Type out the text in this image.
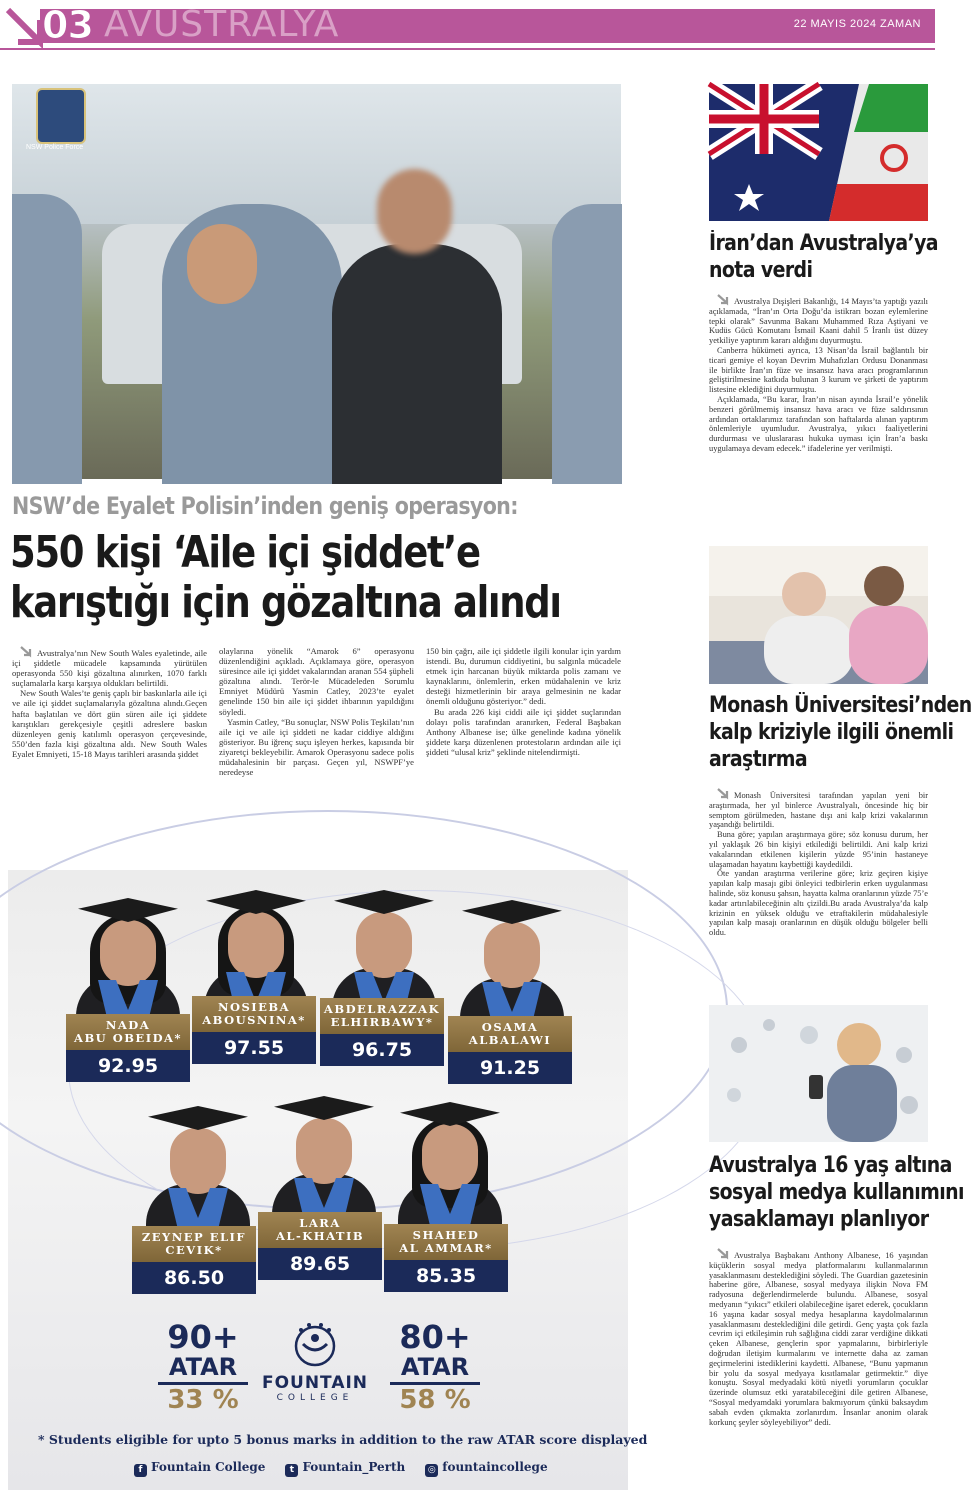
03 AVUSTRALYA	22 MAYIS 2024 ZAMAN
NSW Police Force
NSW’de Eyalet Polisin’inden geniş operasyon:
550 kişi ‘Aile içi şiddet’e
karıştığı için gözaltına alındı

Avustralya’nın New South Wales eyaletinde, aile içi şiddetle mücadele kapsamında yürütülen operasyonda 550 kişi gözaltına alınırken, 1070 farklı suçlamalarla karşı karşıya oldukları belirtildi.

New South Wales’te geniş çaplı bir baskınlarla aile içi ve aile içi şiddet suçlamalarıyla gözaltına alındı.Geçen hafta başlatılan ve dört gün süren aile içi şiddete karıştıkları gerekçesiyle çeşitli adreslere baskın düzenleyen geniş katılımlı operasyon çerçevesinde, 550’den fazla kişi gözaltına aldı. New South Wales Eyalet Emniyeti, 15-18 Mayıs tarihleri arasında şiddet

olaylarına yönelik “Amarok 6” operasyonu düzenlendiğini açıkladı. Açıklamaya göre, operasyon süresince aile içi şiddet vakalarından aranan 554 şüpheli gözaltına alındı. Terör-le Mücadeleden Sorumlu Emniyet Müdürü Yasmin Catley, 2023’te eyalet genelinde 150 bin aile içi şiddet ihbarının yapıldığını söyledi.

Yasmin Catley, “Bu sonuçlar, NSW Polis Teşkilatı’nın aile içi ve aile içi şiddeti ne kadar ciddiye aldığını gösteriyor. Bu iğrenç suçu işleyen herkes, kapısında bir ziyaretçi bekleyebilir. Amarok Operasyonu sadece polis müdahalesinin bir parçası. Geçen yıl, NSWPF’ye neredeyse

150 bin çağrı, aile içi şiddetle ilgili konular için yardım istendi. Bu, durumun ciddiyetini, bu salgınla mücadele etmek için harcanan büyük miktarda polis zamanı ve kaynaklarını, önlemlerin, erken müdahalenin ve kriz desteği hizmetlerinin bir araya gelmesinin ne kadar önemli olduğunu gösteriyor.” dedi.

Bu arada 226 kişi ciddi aile içi şiddet suçlarından dolayı polis tarafından aranırken, Federal Başbakan Anthony Albanese ise; ülke genelinde kadına yönelik şiddete karşı düzenlenen protestoların ardından aile içi şiddeti “ulusal kriz” şeklinde nitelendirmişti.

NADA
ABU OBEIDA*
92.95
NOSIEBA
ABOUSNINA*
97.55
ABDELRAZZAK
ELHIRBAWY*
96.75
OSAMA
ALBALAWI
91.25
ZEYNEP ELIF
CEVIK*
86.50
LARA
AL-KHATIB
89.65
SHAHED
AL AMMAR*
85.35
90+
ATAR
33 %
80+
ATAR
58 %
FOUNTAIN
COLLEGE
* Students eligible for upto 5 bonus marks in addition to the raw ATAR score displayed
f Fountain College	t Fountain_Perth	◎ fountaincollege
İran’dan Avustralya’ya
nota verdi

Avustralya Dışişleri Bakanlığı, 14 Mayıs’ta yaptığı yazılı açıklamada, “İran’ın Orta Doğu’da istikrarı bozan eylemlerine tepki olarak” Savunma Bakanı Muhammed Rıza Aştiyani ve Kudüs Gücü Komutanı İsmail Kaani dahil 5 İranlı üst düzey yetkiliye yaptırım kararı aldığını duyurmuştu.

Canberra hükümeti ayrıca, 13 Nisan’da İsrail bağlantılı bir ticari gemiye el koyan Devrim Muhafızları Ordusu Donanması ile birlikte İran’ın füze ve insansız hava aracı programlarının geliştirilmesine katkıda bulunan 3 kurum ve şirketi de yaptırım listesine eklediğini duyurmuştu.

Açıklamada, “Bu karar, İran’ın nisan ayında İsrail’e yönelik benzeri görülmemiş insansız hava aracı ve füze saldırısının ardından ortaklarımız tarafından son haftalarda alınan yaptırım önlemleriyle uyumludur. Avustralya, yıkıcı faaliyetlerini durdurması ve uluslararası hukuka uyması için İran’a baskı uygulamaya devam edecek.” ifadelerine yer verilmişti.

Monash Üniversitesi’nden
kalp kriziyle ilgili önemli
araştırma

Monash Üniversitesi tarafından yapılan yeni bir araştırmada, her yıl binlerce Avustralyalı, öncesinde hiç bir semptom görülmeden, hastane dışı ani kalp krizi vakalarının yaşandığı belirtildi.

Buna göre; yapılan araştırmaya göre; söz konusu durum, her yıl yaklaşık 26 bin kişiyi etkilediği belirtildi. Ani kalp krizi vakalarından etkilenen kişilerin yüzde 95’inin hastaneye ulaşamadan hayatını kaybettiği kaydedildi.

Öte yandan araştırma verilerine göre; kriz geçiren kişiye yapılan kalp masajı gibi önleyici tedbirlerin erken uygulanması halinde, söz konusu şahsın, hayatta kalma oranlarının yüzde 75’e kadar artırılabileceğinin altı çizildi.Bu arada Avustralya’da kalp krizinin en yüksek olduğu ve etraftakilerin müdahalesiyle yapılan kalp masajı oranlarının en düşük olduğu bölgeler belli oldu.

Avustralya 16 yaş altına
sosyal medya kullanımını
yasaklamayı planlıyor

Avustralya Başbakanı Anthony Albanese, 16 yaşından küçüklerin sosyal medya platformalarını kullanmalarının yasaklanmasını desteklediğini söyledi. The Guardian gazetesinin haberine göre, Albanese, sosyal medyaya ilişkin Nova FM radyosuna değerlendirmelerde bulundu. Albanese, sosyal medyanın “yıkıcı” etkileri olabileceğine işaret ederek, çocukların 16 yaşına kadar sosyal medya hesaplarına kaydolmalarının yasaklanmasını desteklediğini dile getirdi. Genç yaşta çok fazla cevrim içi etkileşimin ruh sağlığına ciddi zarar verdiğine dikkati çeken Albanese, gençlerin spor yapmalarını, birbirleriyle doğrudan iletişim kurmalarını ve internette daha az zaman geçirmelerini istediklerini kaydetti. Albanese, “Bunu yapmanın bir yolu da sosyal medyaya kısıtlamalar getirmektir.” diye konuştu. Sosyal medyadaki kötü niyetli yorumların çocuklar üzerinde olumsuz etki yaratabileceğini dile getiren Albanese, “Sosyal medyamdaki yorumlara bakmıyorum çünkü baksaydım sabah evden çıkmakta zorlanırdım. İnsanlar anonim olarak korkunç şeyler söyleyebiliyor” dedi.
